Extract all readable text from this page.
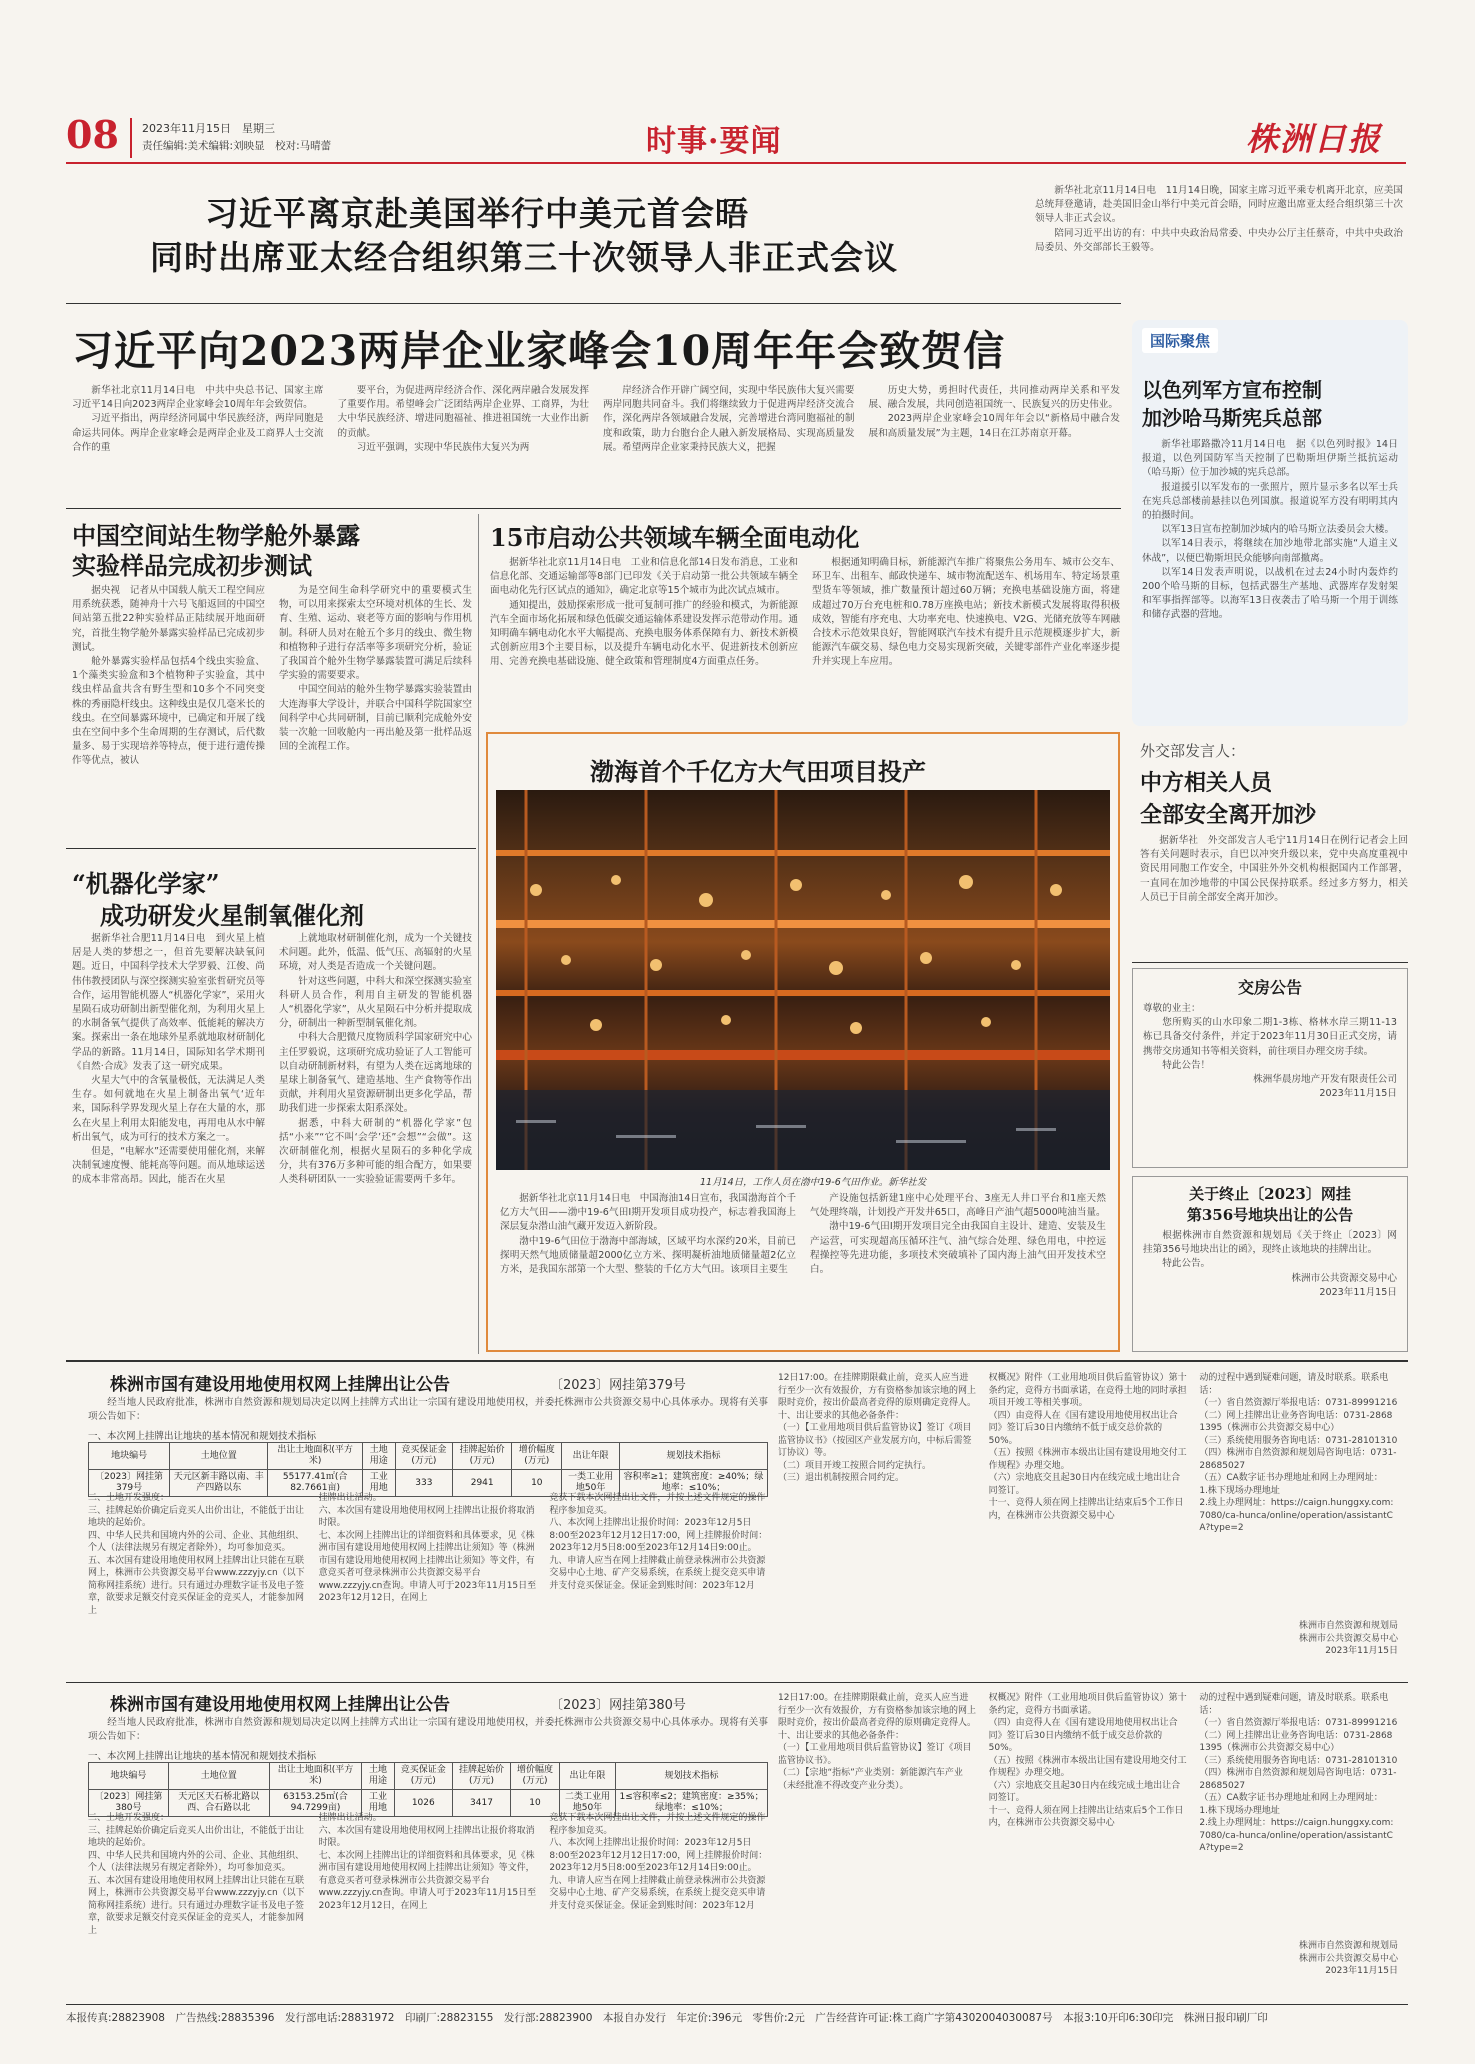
08 2023年11月15日　星期三
责任编辑:美术编辑:刘映显　校对:马晴蕾	时事·要闻	株洲日报
习近平离京赴美国举行中美元首会晤
同时出席亚太经合组织第三十次领导人非正式会议

新华社北京11月14日电　11月14日晚，国家主席习近平乘专机离开北京，应美国总统拜登邀请，赴美国旧金山举行中美元首会晤，同时应邀出席亚太经合组织第三十次领导人非正式会议。

陪同习近平出访的有：中共中央政治局常委、中央办公厅主任蔡奇，中共中央政治局委员、外交部部长王毅等。

习近平向2023两岸企业家峰会10周年年会致贺信

新华社北京11月14日电　中共中央总书记、国家主席习近平14日向2023两岸企业家峰会10周年年会致贺信。

习近平指出，两岸经济同属中华民族经济，两岸同胞是命运共同体。两岸企业家峰会是两岸企业及工商界人士交流合作的重

要平台，为促进两岸经济合作、深化两岸融合发展发挥了重要作用。希望峰会广泛团结两岸企业界、工商界，为壮大中华民族经济、增进同胞福祉、推进祖国统一大业作出新的贡献。

习近平强调，实现中华民族伟大复兴为两

岸经济合作开辟广阔空间，实现中华民族伟大复兴需要两岸同胞共同奋斗。我们将继续致力于促进两岸经济交流合作，深化两岸各领域融合发展，完善增进台湾同胞福祉的制度和政策，助力台胞台企人融入新发展格局、实现高质量发展。希望两岸企业家秉持民族大义，把握

历史大势，勇担时代责任，共同推动两岸关系和平发展、融合发展，共同创造祖国统一、民族复兴的历史伟业。

2023两岸企业家峰会10周年年会以“新格局中融合发展和高质量发展”为主题，14日在江苏南京开幕。

中国空间站生物学舱外暴露
实验样品完成初步测试

据央视　记者从中国载人航天工程空间应用系统获悉，随神舟十六号飞船返回的中国空间站第五批22种实验样品正陆续展开地面研究，首批生物学舱外暴露实验样品已完成初步测试。

舱外暴露实验样品包括4个线虫实验盒、1个藻类实验盒和3个植物种子实验盒，其中线虫样品盒共含有野生型和10多个不同突变株的秀丽隐杆线虫。这种线虫是仅几毫米长的线虫。在空间暴露环境中，已确定和开展了线虫在空间中多个生命周期的生存测试，后代数量多、易于实现培养等特点，便于进行遗传操作等优点，被认

为是空间生命科学研究中的重要模式生物，可以用来探索太空环境对机体的生长、发育、生殖、运动、衰老等方面的影响与作用机制。科研人员对在舱五个多月的线虫、微生物和植物种子进行存活率等多项研究分析，验证了我国首个舱外生物学暴露装置可满足后续科学实验的需要要求。

中国空间站的舱外生物学暴露实验装置由大连海事大学设计，并联合中国科学院国家空间科学中心共同研制，目前已顺利完成舱外安装一次舱一回收舱内一再出舱及第一批样品返回的全流程工作。

“机器化学家”
成功研发火星制氧催化剂

据新华社合肥11月14日电　到火星上植居是人类的梦想之一，但首先要解决缺氧问题。近日，中国科学技术大学罗毅、江俊、尚伟伟教授团队与深空探测实验室张哲研究员等合作，运用智能机器人“机器化学家”，采用火星陨石成功研制出新型催化剂，为利用火星上的水制备氧气提供了高效率、低能耗的解决方案。探索出一条在地球外星系就地取材研制化学品的新路。11月14日，国际知名学术期刊《自然·合成》发表了这一研究成果。

火星大气中的含氧量极低，无法满足人类生存。如何就地在火星上制备出氧气‘近年来，国际科学界发现火星上存在大量的水，那么在火星上利用太阳能发电，再用电从水中解析出氧气，成为可行的技术方案之一。

但是，“电解水”还需要使用催化剂，来解决制氧速度慢、能耗高等问题。而从地球运送的成本非常高昂。因此，能否在火星

上就地取材研制催化剂，成为一个关键技术问题。此外，低温、低气压、高辐射的火星环境，对人类是否造成一个关键问题。

针对这些问题，中科大和深空探测实验室科研人员合作，利用自主研发的智能机器人“机器化学家”，从火星陨石中分析并提取成分，研制出一种新型制氧催化剂。

中科大合肥微尺度物质科学国家研究中心主任罗毅说，这项研究成功验证了人工智能可以自动研制新材料，有望为人类在远离地球的星球上制备氧气、建造基地、生产食物等作出贡献，并利用火星资源研制出更多化学品，帮助我们进一步探索太阳系深处。

据悉，中科大研制的“机器化学家”包括“小来”“它不叫‘会学’还”会想”“会做”。这次研制催化剂，根据火星陨石的多种化学成分，共有376万多种可能的组合配方，如果要人类科研团队一一实验验证需要两千多年。

15市启动公共领域车辆全面电动化

据新华社北京11月14日电　工业和信息化部14日发布消息，工业和信息化部、交通运输部等8部门已印发《关于启动第一批公共领域车辆全面电动化先行区试点的通知》，确定北京等15个城市为此次试点城市。

通知提出，鼓励探索形成一批可复制可推广的经验和模式，为新能源汽车全面市场化拓展和绿色低碳交通运输体系建设发挥示范带动作用。通知明确车辆电动化水平大幅提高、充换电服务体系保障有力、新技术新模式创新应用3个主要目标，以及提升车辆电动化水平、促进新技术创新应用、完善充换电基础设施、健全政策和管理制度4方面重点任务。

根据通知明确目标，新能源汽车推广将聚焦公务用车、城市公交车、环卫车、出租车、邮政快递车、城市物流配送车、机场用车、特定场景重型货车等领域，推广数量预计超过60万辆；充换电基础设施方面，将建成超过70万台充电桩和0.78万座换电站；新技术新模式发展将取得积极成效，智能有序充电、大功率充电、快速换电、V2G、光储充放等车网融合技术示范效果良好，智能网联汽车技术有提升且示范规模逐步扩大，新能源汽车碳交易、绿色电力交易实现新突破，关键零部件产业化率逐步提升并实现上车应用。

渤海首个千亿方大气田项目投产
11月14日，工作人员在渤中19-6气田作业。新华社发

据新华社北京11月14日电　中国海油14日宣布，我国渤海首个千亿方大气田——渤中19-6气田Ⅰ期开发项目成功投产，标志着我国海上深层复杂潜山油气藏开发迈入新阶段。

渤中19-6气田位于渤海中部海域，区域平均水深约20米，目前已探明天然气地质储量超2000亿立方米、探明凝析油地质储量超2亿立方米，是我国东部第一个大型、整装的千亿方大气田。该项目主要生

产设施包括新建1座中心处理平台、3座无人井口平台和1座天然气处理终端，计划投产开发井65口，高峰日产油气超5000吨油当量。

渤中19-6气田Ⅰ期开发项目完全由我国自主设计、建造、安装及生产运营，可实现超高压循环注气、油气综合处理、绿色用电，中控远程操控等先进功能，多项技术突破填补了国内海上油气田开发技术空白。

国际聚焦
以色列军方宣布控制
加沙哈马斯宪兵总部

新华社耶路撒冷11月14日电　据《以色列时报》14日报道，以色列国防军当天控制了巴勒斯坦伊斯兰抵抗运动（哈马斯）位于加沙城的宪兵总部。

报道援引以军发布的一张照片，照片显示多名以军士兵在宪兵总部楼前悬挂以色列国旗。报道说军方没有明明其内的拍摄时间。

以军13日宣布控制加沙城内的哈马斯立法委员会大楼。

以军14日表示，将继续在加沙地带北部实施“人道主义休战”，以便巴勒斯坦民众能够向南部撤离。

以军14日发表声明说，以战机在过去24小时内轰炸约200个哈马斯的目标，包括武器生产基地、武器库存发射架和军事指挥部等。以海军13日夜袭击了哈马斯一个用于训练和储存武器的营地。

外交部发言人：
中方相关人员
全部安全离开加沙

据新华社　外交部发言人毛宁11月14日在例行记者会上回答有关问题时表示，自巴以冲突升级以来，党中央高度重视中资民用同胞工作安全，中国驻外外交机构根据国内工作部署，一直同在加沙地带的中国公民保持联系。经过多方努力，相关人员已于目前全部安全离开加沙。

交房公告

尊敬的业主：

您所购买的山水印象二期1-3栋、格林水岸三期11-13栋已具备交付条件，并定于2023年11月30日正式交房，请携带交房通知书等相关资料，前往项目办理交房手续。

特此公告！

株洲华晨房地产开发有限责任公司

2023年11月15日

关于终止〔2023〕网挂
第356号地块出让的公告

根据株洲市自然资源和规划局《关于终止〔2023〕网挂第356号地块出让的函》，现终止该地块的挂牌出让。

特此公告。

株洲市公共资源交易中心

2023年11月15日

株洲市国有建设用地使用权网上挂牌出让公告	〔2023〕网挂第379号
经当地人民政府批准，株洲市自然资源和规划局决定以网上挂牌方式出让一宗国有建设用地使用权，并委托株洲市公共资源交易中心具体承办。现将有关事项公告如下：
一、本次网上挂牌出让地块的基本情况和规划技术指标
地块编号	土地位置	出让土地面积(平方米)	土地用途	竞买保证金(万元)	挂牌起始价(万元)	增价幅度(万元)	出让年限	规划技术指标
〔2023〕网挂第379号	天元区新丰路以南、丰产四路以东	55177.41㎡(合82.7661亩)	工业用地	333	2941	10	一类工业用地50年	容积率≥1；建筑密度：≥40%；绿地率：≤10%；
二、土地开发强度：
三、挂牌起始价确定后竞买人出价出让，不能低于出让地块的起始价。
四、中华人民共和国境内外的公司、企业、其他组织、个人（法律法规另有规定者除外），均可参加竞买。
五、本次国有建设用地使用权网上挂牌出让只能在互联网上，株洲市公共资源交易平台www.zzzyjy.cn（以下简称网挂系统）进行。只有通过办理数字证书及电子签章，欲要求足额交付竞买保证金的竞买人，才能参加网上
挂牌出让活动。
六、本次国有建设用地使用权网上挂牌出让报价将取消时限。
七、本次网上挂牌出让的详细资料和具体要求，见《株洲市国有建设用地使用权网上挂牌出让须知》等（株洲市国有建设用地使用权网上挂牌出让须知》等文件，有意竞买者可登录株洲市公共资源交易平台www.zzzyjy.cn查询。申请人可于2023年11月15日至2023年12月12日，在网上
竞获下载本次网挂出让文件，并按上述文件规定的操作程序参加竞买。
八、本次网上挂牌出让报价时间：2023年12月5日8:00至2023年12月12日17:00，网上挂牌报价时间：2023年12月5日8:00至2023年12月14日9:00止。
九、申请人应当在网上挂牌截止前登录株洲市公共资源交易中心土地、矿产交易系统，在系统上提交竞买申请并支付竞买保证金。保证金到账时间：2023年12月
12日17:00。在挂牌期限截止前，竞买人应当进行至少一次有效报价，方有资格参加该宗地的网上限时竞价，按出价最高者竞得的原则确定竞得人。
十、出让要求的其他必备条件：
（一）【工业用地项目供后监管协议】签订《项目监管协议书》（按园区产业发展方向，中标后需签订协议）等。
（二）项目开竣工按照合同约定执行。
（三）退出机制按照合同约定。
权概况》附件（工业用地项目供后监管协议）第十条约定，竞得方书面承诺，在竞得土地的同时承担项目开竣工等相关事项。
（四）由竞得人在《国有建设用地使用权出让合同》签订后30日内缴纳不低于成交总价款的50%。
（五）按照《株洲市本级出让国有建设用地交付工作规程》办理交地。
（六）宗地底交且起30日内在线完成土地出让合同签订。
十一、竞得人须在网上挂牌出让结束后5个工作日内，在株洲市公共资源交易中心
动的过程中遇到疑难问题，请及时联系。联系电话：
（一）省自然资源厅举报电话：0731-89991216
（二）网上挂牌出让业务咨询电话：0731-28681395（株洲市公共资源交易中心）
（三）系统使用服务咨询电话：0731-28101310
（四）株洲市自然资源和规划局咨询电话：0731-28685027
（五）CA数字证书办理地址和网上办理网址：
1.株下现场办理地址
2.线上办理网址：https://caign.hunggxy.com:7080/ca-hunca/online/operation/assistantCA?type=2
株洲市自然资源和规划局
株洲市公共资源交易中心
2023年11月15日
株洲市国有建设用地使用权网上挂牌出让公告	〔2023〕网挂第380号
经当地人民政府批准，株洲市自然资源和规划局决定以网上挂牌方式出让一宗国有建设用地使用权，并委托株洲市公共资源交易中心具体承办。现将有关事项公告如下：
一、本次网上挂牌出让地块的基本情况和规划技术指标
地块编号	土地位置	出让土地面积(平方米)	土地用途	竞买保证金(万元)	挂牌起始价(万元)	增价幅度(万元)	出让年限	规划技术指标
〔2023〕网挂第380号	天元区天石桥北路以西、合石路以北	63153.25㎡(合94.7299亩)	工业用地	1026	3417	10	二类工业用地50年	1≤容积率≤2；建筑密度：≥35%；绿地率：≤10%；
二、土地开发强度：
三、挂牌起始价确定后竞买人出价出让，不能低于出让地块的起始价。
四、中华人民共和国境内外的公司、企业、其他组织、个人（法律法规另有规定者除外），均可参加竞买。
五、本次国有建设用地使用权网上挂牌出让只能在互联网上，株洲市公共资源交易平台www.zzzyjy.cn（以下简称网挂系统）进行。只有通过办理数字证书及电子签章，欲要求足额交付竞买保证金的竞买人，才能参加网上
挂牌出让活动。
六、本次国有建设用地使用权网上挂牌出让报价将取消时限。
七、本次网上挂牌出让的详细资料和具体要求，见《株洲市国有建设用地使用权网上挂牌出让须知》等文件，有意竞买者可登录株洲市公共资源交易平台www.zzzyjy.cn查询。申请人可于2023年11月15日至2023年12月12日，在网上
竞获下载本次网挂出让文件，并按上述文件规定的操作程序参加竞买。
八、本次网上挂牌出让报价时间：2023年12月5日8:00至2023年12月12日17:00，网上挂牌报价时间：2023年12月5日8:00至2023年12月14日9:00止。
九、申请人应当在网上挂牌截止前登录株洲市公共资源交易中心土地、矿产交易系统，在系统上提交竞买申请并支付竞买保证金。保证金到账时间：2023年12月
12日17:00。在挂牌期限截止前，竞买人应当进行至少一次有效报价，方有资格参加该宗地的网上限时竞价，按出价最高者竞得的原则确定竞得人。
十、出让要求的其他必备条件：
（一）【工业用地项目供后监管协议】签订《项目监管协议书》。
（二）【宗地“指标”产业类别：新能源汽车产业（未经批准不得改变产业分类）。
权概况》附件（工业用地项目供后监管协议）第十条约定，竞得方书面承诺。
（四）由竞得人在《国有建设用地使用权出让合同》签订后30日内缴纳不低于成交总价款的50%。
（五）按照《株洲市本级出让国有建设用地交付工作规程》办理交地。
（六）宗地底交且起30日内在线完成土地出让合同签订。
十一、竞得人须在网上挂牌出让结束后5个工作日内，在株洲市公共资源交易中心
动的过程中遇到疑难问题，请及时联系。联系电话：
（一）省自然资源厅举报电话：0731-89991216
（二）网上挂牌出让业务咨询电话：0731-28681395（株洲市公共资源交易中心）
（三）系统使用服务咨询电话：0731-28101310
（四）株洲市自然资源和规划局咨询电话：0731-28685027
（五）CA数字证书办理地址和网上办理网址：
1.株下现场办理地址
2.线上办理网址：https://caign.hunggxy.com:7080/ca-hunca/online/operation/assistantCA?type=2
株洲市自然资源和规划局
株洲市公共资源交易中心
2023年11月15日
本报传真:28823908　广告热线:28835396　发行部电话:28831972　印刷厂:28823155　发行部:28823900　本报自办发行　年定价:396元　零售价:2元　广告经营许可证:株工商广字第4302004030087号　本报3:10开印6:30印完　株洲日报印刷厂印
